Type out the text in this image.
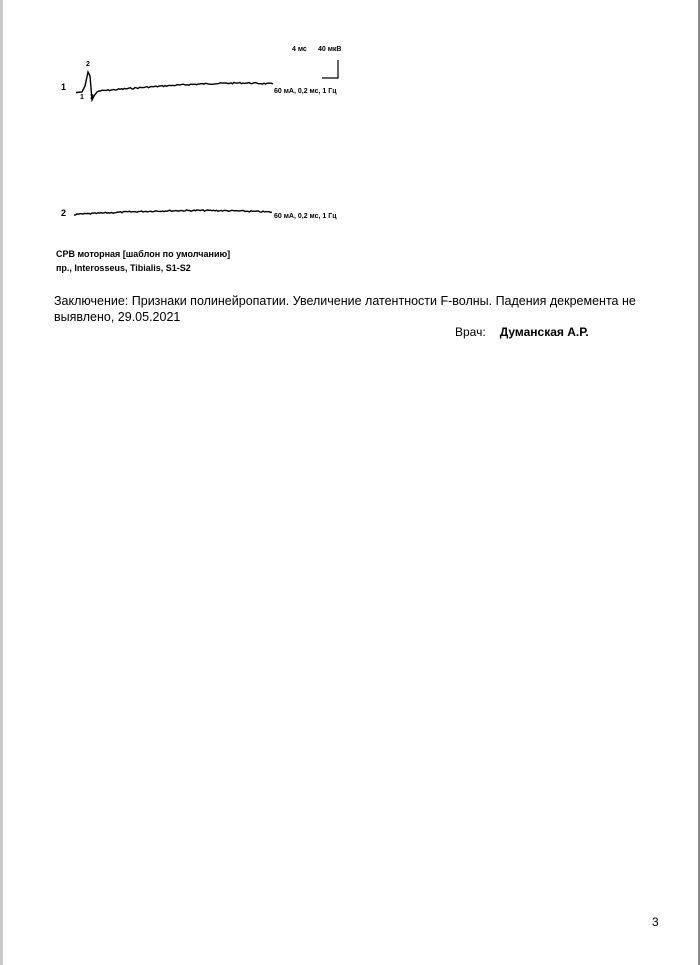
4 мс 40 мкВ
1
2
1 3
60 мА, 0,2 мс, 1 Гц
2	60 мА, 0,2 мс, 1 Гц
СРВ моторная [шаблон по умолчанию]
пр., Interosseus, Tibialis, S1-S2
Заключение: Признаки полинейропатии. Увеличение латентности F-волны. Падения декремента не выявлено, 29.05.2021
Врач: Думанская А.Р.
3
